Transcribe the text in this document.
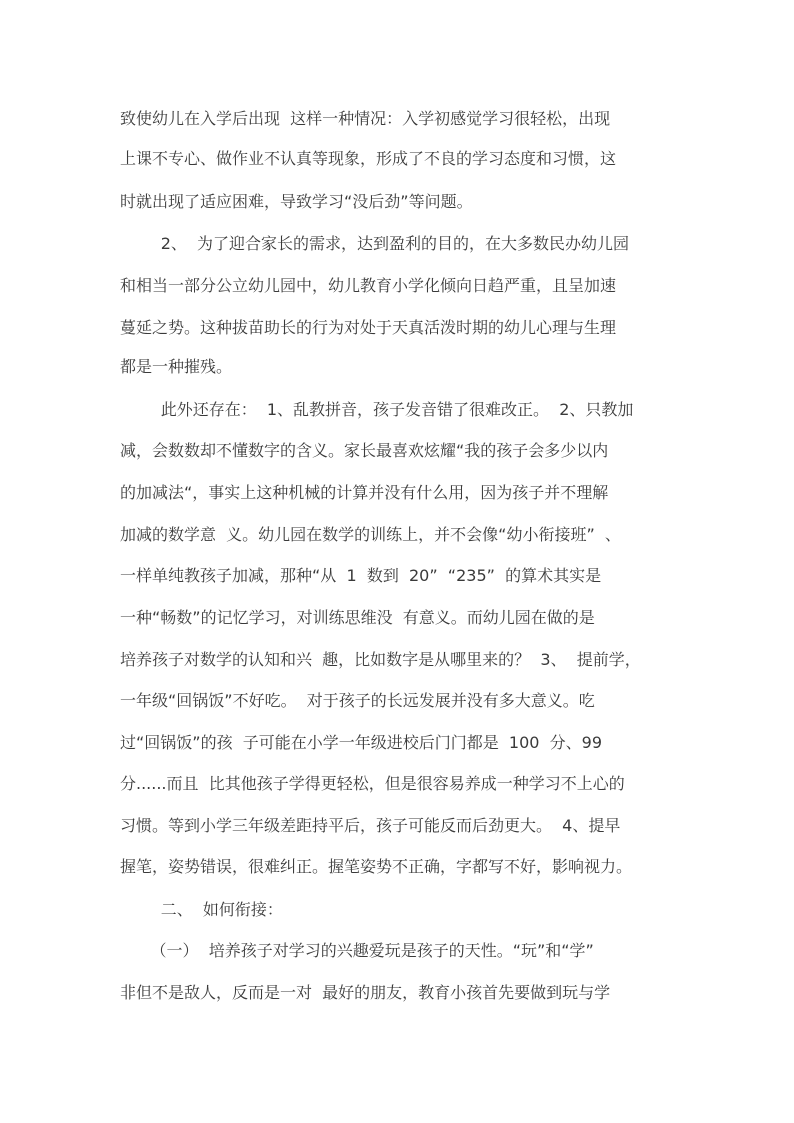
致使幼儿在入学后出现  这样一种情况：入学初感觉学习很轻松，出现
上课不专心、做作业不认真等现象，形成了不良的学习态度和习惯，这
时就出现了适应困难，导致学习“没后劲”等问题。
2、  为了迎合家长的需求，达到盈利的目的，在大多数民办幼儿园
和相当一部分公立幼儿园中，幼儿教育小学化倾向日趋严重，且呈加速
蔓延之势。这种拔苗助长的行为对处于天真活泼时期的幼儿心理与生理
都是一种摧残。
此外还存在：  1、乱教拼音，孩子发音错了很难改正。  2、只教加
减，会数数却不懂数字的含义。家长最喜欢炫耀“我的孩子会多少以内
的加减法“，事实上这种机械的计算并没有什么用，因为孩子并不理解
加减的数学意  义。幼儿园在数学的训练上，并不会像“幼小衔接班”  、
一样单纯教孩子加减，那种“从  1  数到  20”  “235”  的算术其实是
一种“畅数”的记忆学习，对训练思维没  有意义。而幼儿园在做的是
培养孩子对数学的认知和兴  趣，比如数字是从哪里来的？  3、  提前学，
一年级“回锅饭”不好吃。  对于孩子的长远发展并没有多大意义。吃
过“回锅饭”的孩  子可能在小学一年级进校后门门都是  100  分、99
分......而且  比其他孩子学得更轻松，但是很容易养成一种学习不上心的
习惯。等到小学三年级差距持平后，孩子可能反而后劲更大。  4、提早
握笔，姿势错误，很难纠正。握笔姿势不正确，字都写不好，影响视力。
二、  如何衔接：
（一）  培养孩子对学习的兴趣爱玩是孩子的天性。“玩”和“学”
非但不是敌人，反而是一对  最好的朋友，教育小孩首先要做到玩与学
